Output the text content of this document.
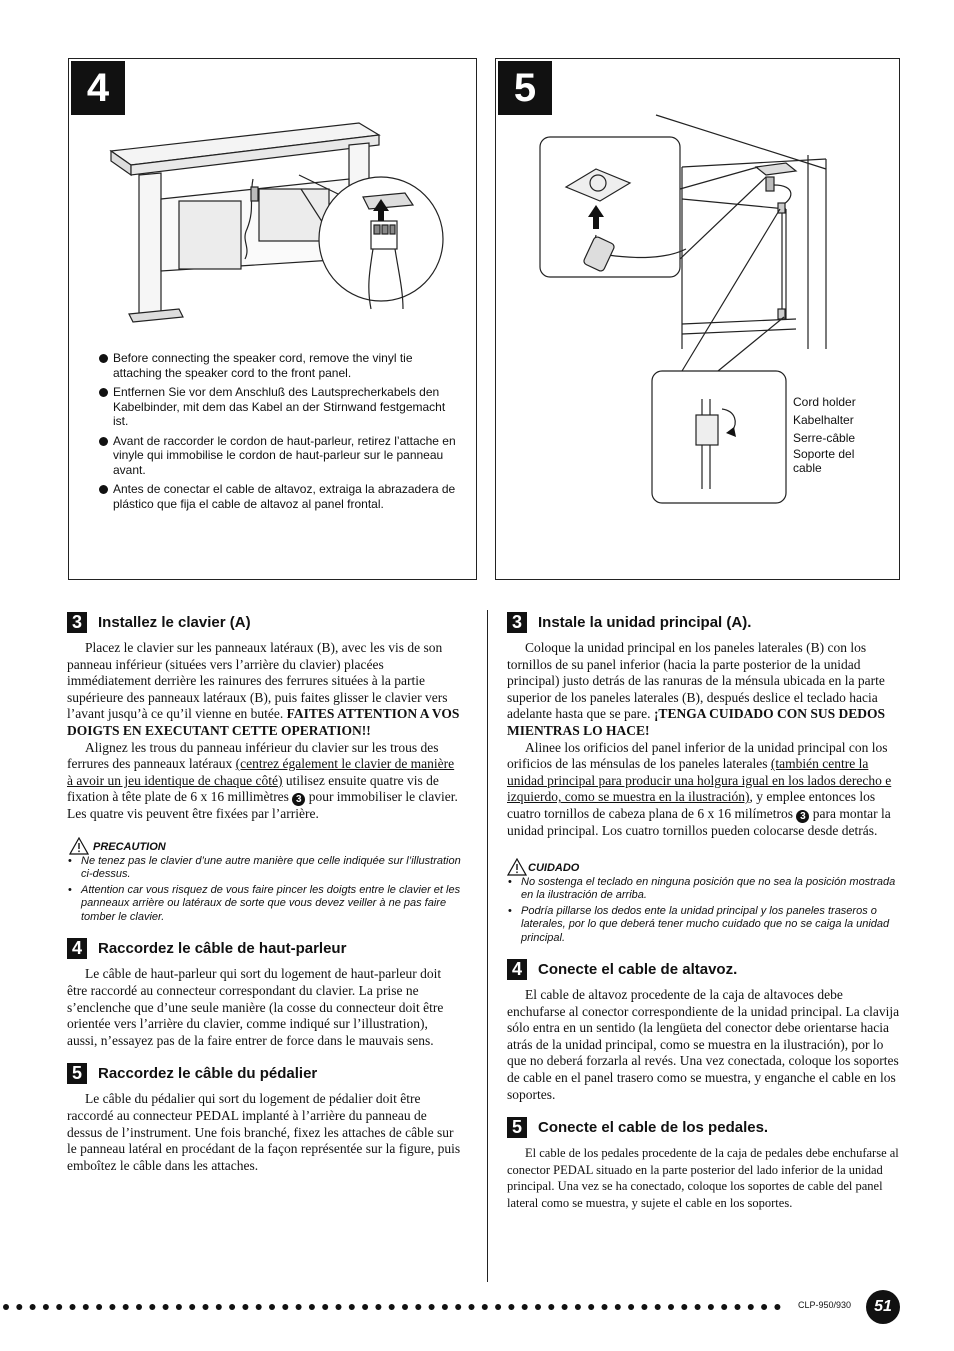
4
Before connecting the speaker cord, remove the vinyl tie attaching the speaker cord to the front panel.
Entfernen Sie vor dem Anschluß des Lautsprecherkabels den Kabelbinder, mit dem das Kabel an der Stirnwand festgemacht ist.
Avant de raccorder le cordon de haut-parleur, retirez l’attache en vinyle qui immobilise le cordon de haut-parleur sur le panneau avant.
Antes de conectar el cable de altavoz, extraiga la abrazadera de plástico que fija el cable de altavoz al panel frontal.
5
Cord holder
Kabelhalter
Serre-câble
Soporte del cable
3	Installez le clavier (A)

Placez le clavier sur les panneaux latéraux (B), avec les vis de son panneau inférieur (situées vers l’arrière du clavier) placées immédiatement derrière les rainures des ferrures situées à la partie supérieure des panneaux latéraux (B), puis faites glisser le clavier vers l’avant jusqu’à ce qu’il vienne en butée. FAITES ATTENTION A VOS DOIGTS EN EXECUTANT CETTE OPERATION!!

Alignez les trous du panneau inférieur du clavier sur les trous des ferrures des panneaux latéraux (centrez également le clavier de manière à avoir un jeu identique de chaque côté) utilisez ensuite quatre vis de fixation à tête plate de 6 x 16 millimètres 3 pour immobiliser le clavier. Les quatre vis peuvent être fixées par l’arrière.

PRECAUTION
• Ne tenez pas le clavier d’une autre manière que celle indiquée sur l’illustration ci-dessus.
• Attention car vous risquez de vous faire pincer les doigts entre le clavier et les panneaux arrière ou latéraux de sorte que vous devez veiller à ne pas faire tomber le clavier.
4	Raccordez le câble de haut-parleur

Le câble de haut-parleur qui sort du logement de haut-parleur doit être raccordé au connecteur correspondant du clavier. La prise ne s’enclenche que d’une seule manière (la cosse du connecteur doit être orientée vers l’arrière du clavier, comme indiqué sur l’illustration), aussi, n’essayez pas de la faire entrer de force dans le mauvais sens.

5	Raccordez le câble du pédalier

Le câble du pédalier qui sort du logement de pédalier doit être raccordé au connecteur PEDAL implanté à l’arrière du panneau de dessus de l’instrument. Une fois branché, fixez les attaches de câble sur le panneau latéral en procédant de la façon représentée sur la figure, puis emboîtez le câble dans les attaches.

3	Instale la unidad principal (A).

Coloque la unidad principal en los paneles laterales (B) con los tornillos de su panel inferior (hacia la parte posterior de la unidad principal) justo detrás de las ranuras de la ménsula ubicada en la parte superior de los paneles laterales (B), después deslice el teclado hacia adelante hasta que se pare. ¡TENGA CUIDADO CON SUS DEDOS MIENTRAS LO HACE!

Alinee los orificios del panel inferior de la unidad principal con los orificios de las ménsulas de los paneles laterales (también centre la unidad principal para producir una holgura igual en los lados derecho e izquierdo, como se muestra en la ilustración), y emplee entonces los cuatro tornillos de cabeza plana de 6 x 16 milímetros 3 para montar la unidad principal. Los cuatro tornillos pueden colocarse desde detrás.

CUIDADO
• No sostenga el teclado en ninguna posición que no sea la posición mostrada en la ilustración de arriba.
• Podría pillarse los dedos ente la unidad principal y los paneles traseros o laterales, por lo que deberá tener mucho cuidado que no se caiga la unidad principal.
4	Conecte el cable de altavoz.

El cable de altavoz procedente de la caja de altavoces debe enchufarse al conector correspondiente de la unidad principal. La clavija sólo entra en un sentido (la lengüeta del conector debe orientarse hacia atrás de la unidad principal, como se muestra en la ilustración), por lo que no deberá forzarla al revés. Una vez conectada, coloque los soportes de cable en el panel trasero como se muestra, y enganche el cable en los soportes.

5	Conecte el cable de los pedales.

El cable de los pedales procedente de la caja de pedales debe enchufarse al conector PEDAL situado en la parte posterior del lado inferior de la unidad principal. Una vez se ha conectado, coloque los soportes de cable del panel lateral como se muestra, y sujete el cable en los soportes.

CLP-950/930	51
